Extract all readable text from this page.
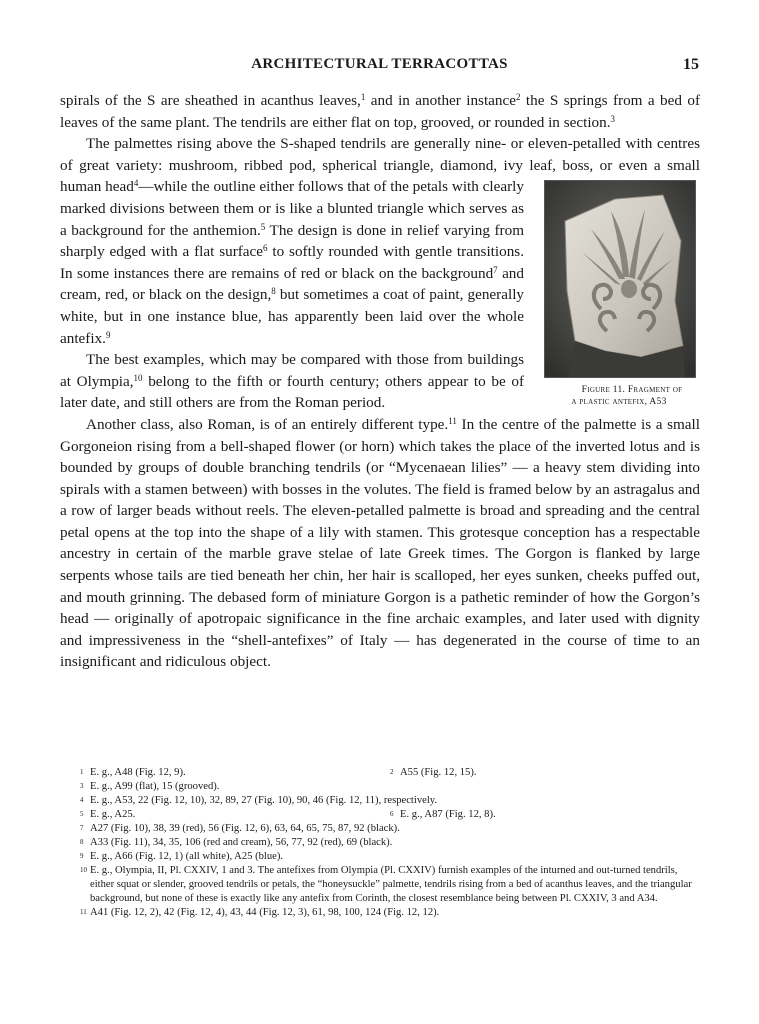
ARCHITECTURAL TERRACOTTAS	15

spirals of the S are sheathed in acanthus leaves,$^1$ and in another instance$^2$ the S springs from a bed of leaves of the same plant. The tendrils are either flat on top, grooved, or rounded in section.$^3$

The palmettes rising above the S-shaped tendrils are generally nine- or eleven-petalled with centres of great variety: mushroom, ribbed pod, spherical triangle, diamond, ivy leaf, boss, or even a small human head$^4$
Figure 11. Fragment of
a plastic antefix, A53
—while the outline either follows that of the petals with clearly marked divisions between them or is like a blunted triangle which serves as a background for the anthemion.$^5$ The design is done in relief varying from sharply edged with a flat surface$^6$ to softly rounded with gentle transitions. In some instances there are remains of red or black on the background$^7$ and cream, red, or black on the design,$^8$ but sometimes a coat of paint, generally white, but in one instance blue, has apparently been laid over the whole antefix.$^9$

The best examples, which may be compared with those from buildings at Olympia,$^{10}$ belong to the fifth or fourth century; others appear to be of later date, and still others are from the Roman period.

Another class, also Roman, is of an entirely different type.$^{11}$ In the centre of the palmette is a small Gorgoneion rising from a bell-shaped flower (or horn) which takes the place of the inverted lotus and is bounded by groups of double branching tendrils (or “Mycenaean lilies” — a heavy stem dividing into spirals with a stamen between) with bosses in the volutes. The field is framed below by an astragalus and a row of larger beads without reels. The eleven-petalled palmette is broad and spreading and the central petal opens at the top into the shape of a lily with stamen. This grotesque conception has a respectable ancestry in certain of the marble grave stelae of late Greek times. The Gorgon is flanked by large serpents whose tails are tied beneath her chin, her hair is scalloped, her eyes sunken, cheeks puffed out, and mouth grinning. The debased form of miniature Gorgon is a pathetic reminder of how the Gorgon’s head — originally of apotropaic significance in the fine archaic examples, and later used with dignity and impressiveness in the “shell-antefixes” of Italy — has degenerated in the course of time to an insignificant and ridiculous object.

1 E. g., A48 (Fig. 12, 9).	2 A55 (Fig. 12, 15).

3 E. g., A99 (flat), 15 (grooved).

4 E. g., A53, 22 (Fig. 12, 10), 32, 89, 27 (Fig. 10), 90, 46 (Fig. 12, 11), respectively.

5 E. g., A25.	6 E. g., A87 (Fig. 12, 8).

7 A27 (Fig. 10), 38, 39 (red), 56 (Fig. 12, 6), 63, 64, 65, 75, 87, 92 (black).

8 A33 (Fig. 11), 34, 35, 106 (red and cream), 56, 77, 92 (red), 69 (black).

9 E. g., A66 (Fig. 12, 1) (all white), A25 (blue).

10 E. g., Olympia, II, Pl. CXXIV, 1 and 3. The antefixes from Olympia (Pl. CXXIV) furnish examples of the inturned and out-turned tendrils, either squat or slender, grooved tendrils or petals, the “honeysuckle” palmette, tendrils rising from a bed of acanthus leaves, and the triangular background, but none of these is exactly like any antefix from Corinth, the closest resemblance being between Pl. CXXIV, 3 and A34.

11 A41 (Fig. 12, 2), 42 (Fig. 12, 4), 43, 44 (Fig. 12, 3), 61, 98, 100, 124 (Fig. 12, 12).
